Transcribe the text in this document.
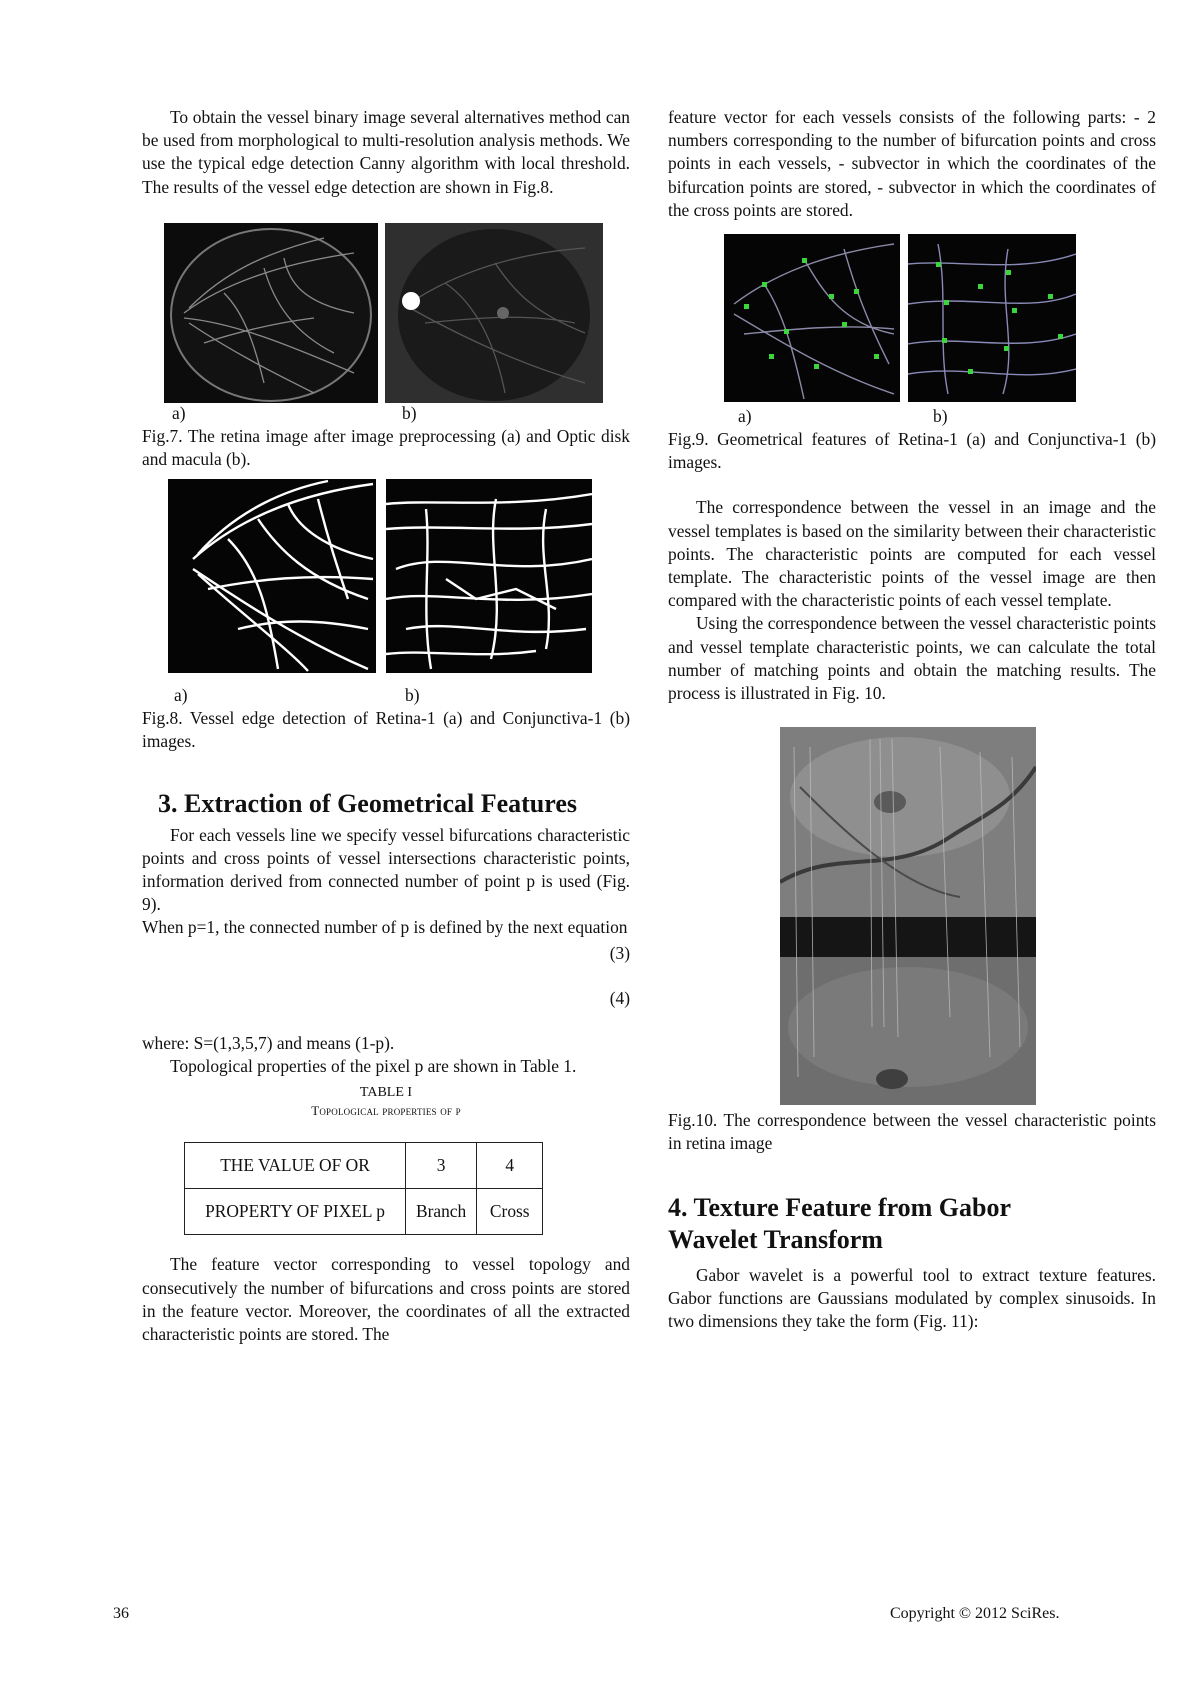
To obtain the vessel binary image several alternatives method can be used from morphological to multi-resolution analysis methods. We use the typical edge detection Canny algorithm with local threshold. The results of the vessel edge detection are shown in Fig.8.

a)	b)

Fig.7. The retina image after image preprocessing (a) and Optic disk and macula (b).

a)	b)

Fig.8. Vessel edge detection of Retina-1 (a) and Conjunctiva-1 (b) images.

3. Extraction of Geometrical Features

For each vessels line we specify vessel bifurcations characteristic points and cross points of vessel intersections characteristic points, information derived from connected number of point p is used (Fig. 9).

When p=1, the connected number of p is defined by the next equation

(3)
(4)

where: S=(1,3,5,7) and means (1-p).

Topological properties of the pixel p are shown in Table 1.

TABLE I
Topological properties of p
THE VALUE OF OR	3	4
PROPERTY OF PIXEL p	Branch	Cross

The feature vector corresponding to vessel topology and consecutively the number of bifurcations and cross points are stored in the feature vector. Moreover, the coordinates of all the extracted characteristic points are stored. The

feature vector for each vessels consists of the following parts: - 2 numbers corresponding to the number of bifurcation points and cross points in each vessels, - subvector in which the coordinates of the bifurcation points are stored, - subvector in which the coordinates of the cross points are stored.

a)	b)

Fig.9. Geometrical features of Retina-1 (a) and Conjunctiva-1 (b) images.

The correspondence between the vessel in an image and the vessel templates is based on the similarity between their characteristic points. The characteristic points are computed for each vessel template. The characteristic points of the vessel image are then compared with the characteristic points of each vessel template.

Using the correspondence between the vessel characteristic points and vessel template characteristic points, we can calculate the total number of matching points and obtain the matching results. The process is illustrated in Fig. 10.

Fig.10. The correspondence between the vessel characteristic points in retina image

4. Texture Feature from Gabor Wavelet Transform

Gabor wavelet is a powerful tool to extract texture features. Gabor functions are Gaussians modulated by complex sinusoids. In two dimensions they take the form (Fig. 11):

36	Copyright © 2012 SciRes.
